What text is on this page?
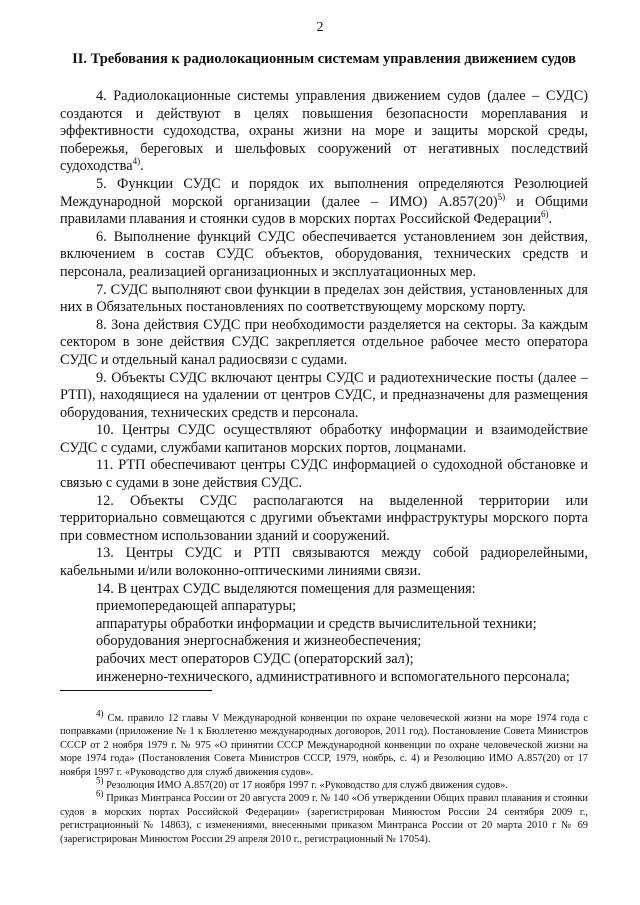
2
II. Требования к радиолокационным системам управления движением судов

4. Радиолокационные системы управления движением судов (далее – СУДС) создаются и действуют в целях повышения безопасности мореплавания и эффективности судоходства, охраны жизни на море и защиты морской среды, побережья, береговых и шельфовых сооружений от негативных последствий судоходства$^{4)}$.

5. Функции СУДС и порядок их выполнения определяются Резолюцией Международной морской организации (далее – ИМО) $А.857(20)^{5)}$ и Общими правилами плавания и стоянки судов в морских портах Российской Федерации$^{6)}$.

6. Выполнение функций СУДС обеспечивается установлением зон действия, включением в состав СУДС объектов, оборудования, технических средств и персонала, реализацией организационных и эксплуатационных мер.

7. СУДС выполняют свои функции в пределах зон действия, установленных для них в Обязательных постановлениях по соответствующему морскому порту.

8. Зона действия СУДС при необходимости разделяется на секторы. За каждым сектором в зоне действия СУДС закрепляется отдельное рабочее место оператора СУДС и отдельный канал радиосвязи с судами.

9. Объекты СУДС включают центры СУДС и радиотехнические посты (далее – РТП), находящиеся на удалении от центров СУДС, и предназначены для размещения оборудования, технических средств и персонала.

10. Центры СУДС осуществляют обработку информации и взаимодействие СУДС с судами, службами капитанов морских портов, лоцманами.

11. РТП обеспечивают центры СУДС информацией о судоходной обстановке и связью с судами в зоне действия СУДС.

12. Объекты СУДС располагаются на выделенной территории или территориально совмещаются с другими объектами инфраструктуры морского порта при совместном использовании зданий и сооружений.

13. Центры СУДС и РТП связываются между собой радиорелейными, кабельными и/или волоконно-оптическими линиями связи.

14. В центрах СУДС выделяются помещения для размещения:

приемопередающей аппаратуры;

аппаратуры обработки информации и средств вычислительной техники;

оборудования энергоснабжения и жизнеобеспечения;

рабочих мест операторов СУДС (операторский зал);

инженерно-технического, административного и вспомогательного персонала;

$^{4)}$ См. правило 12 главы V Международной конвенции по охране человеческой жизни на море 1974 года с поправками (приложение № 1 к Бюллетеню международных договоров, 2011 год). Постановление Совета Министров СССР от 2 ноября 1979 г. № 975 «О принятии СССР Международной конвенции по охране человеческой жизни на море 1974 года» (Постановления Совета Министров СССР, 1979, ноябрь, с. 4) и Резолюцию ИМО А.857(20) от 17 ноября 1997 г. «Руководство для служб движения судов».

$^{5)}$ Резолюция ИМО А.857(20) от 17 ноября 1997 г. «Руководство для служб движения судов».

$^{6)}$ Приказ Минтранса России от 20 августа 2009 г. № 140 «Об утверждении Общих правил плавания и стоянки судов в морских портах Российской Федерации» (зарегистрирован Минюстом России 24 сентября 2009 г., регистрационный № 14863), с изменениями, внесенными приказом Минтранса России от 20 марта 2010 г № 69 (зарегистрирован Минюстом России 29 апреля 2010 г., регистрационный № 17054).
